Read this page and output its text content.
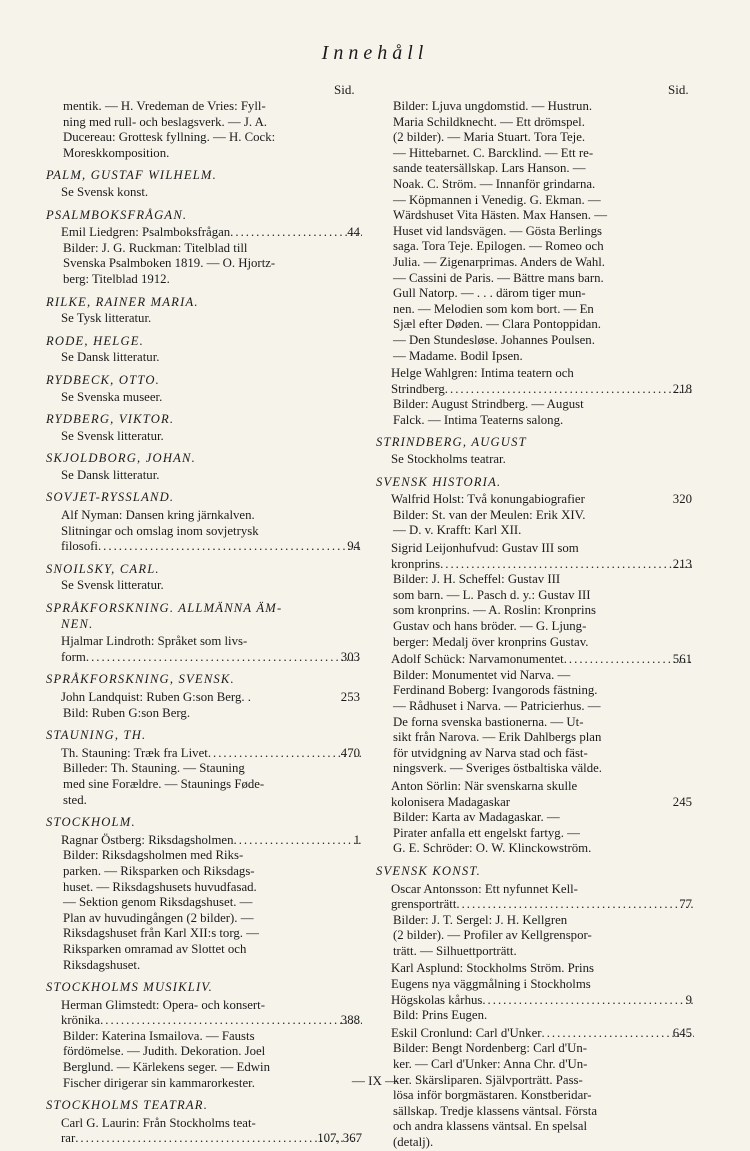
Innehåll
Sid.	Sid.
mentik. — H. Vredeman de Vries: Fyll-
ning med rull- och beslagsverk. — J. A.
Ducereau: Grottesk fyllning. — H. Cock:
Moreskkomposition.
PALM, GUSTAF WILHELM.
Se Svensk konst.
PSALMBOKSFRÅGAN.
Emil Liedgren: Psalmboksfrågan .....	44
Bilder: J. G. Ruckman: Titelblad till
Svenska Psalmboken 1819. — O. Hjortz-
berg: Titelblad 1912.
RILKE, RAINER MARIA.
Se Tysk litteratur.
RODE, HELGE.
Se Dansk litteratur.
RYDBECK, OTTO.
Se Svenska museer.
RYDBERG, VIKTOR.
Se Svensk litteratur.
SKJOLDBORG, JOHAN.
Se Dansk litteratur.
SOVJET-RYSSLAND.
Alf Nyman: Dansen kring järnkalven.
Slitningar och omslag inom sovjetrysk
filosofi .....	94
SNOILSKY, CARL.
Se Svensk litteratur.
SPRÅKFORSKNING. ALLMÄNNA ÄM-
NEN.
Hjalmar Lindroth: Språket som livs-
form .....	303
SPRÅKFORSKNING, SVENSK.
John Landquist: Ruben G:son Berg. .	253
Bild: Ruben G:son Berg.
STAUNING, TH.
Th. Stauning: Træk fra Livet .....	470
Billeder: Th. Stauning. — Stauning
med sine Forældre. — Staunings Føde-
sted.
STOCKHOLM.
Ragnar Östberg: Riksdagsholmen .....	1
Bilder: Riksdagsholmen med Riks-
parken. — Riksparken och Riksdags-
huset. — Riksdagshusets huvudfasad.
— Sektion genom Riksdagshuset. —
Plan av huvudingången (2 bilder). —
Riksdagshuset från Karl XII:s torg. —
Riksparken omramad av Slottet och
Riksdagshuset.
STOCKHOLMS MUSIKLIV.
Herman Glimstedt: Opera- och konsert-
krönika .....	388
Bilder: Katerina Ismailova. — Fausts
fördömelse. — Judith. Dekoration. Joel
Berglund. — Kärlekens seger. — Edwin
Fischer dirigerar sin kammarorkester.
STOCKHOLMS TEATRAR.
Carl G. Laurin: Från Stockholms teat-
rar .....	107, 367
Bilder: Ljuva ungdomstid. — Hustrun.
Maria Schildknecht. — Ett drömspel.
(2 bilder). — Maria Stuart. Tora Teje.
— Hittebarnet. C. Barcklind. — Ett re-
sande teatersällskap. Lars Hanson. —
Noak. C. Ström. — Innanför grindarna.
— Köpmannen i Venedig. G. Ekman. —
Wärdshuset Vita Hästen. Max Hansen. —
Huset vid landsvägen. — Gösta Berlings
saga. Tora Teje. Epilogen. — Romeo och
Julia. — Zigenarprimas. Anders de Wahl.
— Cassini de Paris. — Bättre mans barn.
Gull Natorp. — . . . därom tiger mun-
nen. — Melodien som kom bort. — En
Sjæl efter Døden. — Clara Pontoppidan.
— Den Stundesløse. Johannes Poulsen.
— Madame. Bodil Ipsen.
Helge Wahlgren: Intima teatern och
Strindberg .....	218
Bilder: August Strindberg. — August
Falck. — Intima Teaterns salong.
STRINDBERG, AUGUST
Se Stockholms teatrar.
SVENSK HISTORIA.
Walfrid Holst: Två konungabiografier	320
Bilder: St. van der Meulen: Erik XIV.
— D. v. Krafft: Karl XII.
Sigrid Leijonhufvud: Gustav III som
kronprins .....	213
Bilder: J. H. Scheffel: Gustav III
som barn. — L. Pasch d. y.: Gustav III
som kronprins. — A. Roslin: Kronprins
Gustav och hans bröder. — G. Ljung-
berger: Medalj över kronprins Gustav.
Adolf Schück: Narvamonumentet .....	561
Bilder: Monumentet vid Narva. —
Ferdinand Boberg: Ivangorods fästning.
— Rådhuset i Narva. — Patricierhus. —
De forna svenska bastionerna. — Ut-
sikt från Narova. — Erik Dahlbergs plan
för utvidgning av Narva stad och fäst-
ningsverk. — Sveriges östbaltiska välde.
Anton Sörlin: När svenskarna skulle
kolonisera Madagaskar	245
Bilder: Karta av Madagaskar. —
Pirater anfalla ett engelskt fartyg. —
G. E. Schröder: O. W. Klinckowström.
SVENSK KONST.
Oscar Antonsson: Ett nyfunnet Kell-
grensporträtt .....	77
Bilder: J. T. Sergel: J. H. Kellgren
(2 bilder). — Profiler av Kellgrenspor-
trätt. — Silhuettporträtt.
Karl Asplund: Stockholms Ström. Prins
Eugens nya väggmålning i Stockholms
Högskolas kårhus .....	9
Bild: Prins Eugen.
Eskil Cronlund: Carl d'Unker .....	645
Bilder: Bengt Nordenberg: Carl d'Un-
ker. — Carl d'Unker: Anna Chr. d'Un-
ker. Skärsliparen. Självporträtt. Pass-
lösa inför borgmästaren. Konstberidar-
sällskap. Tredje klassens väntsal. Första
och andra klassens väntsal. En spelsal
(detalj).
— IX —
